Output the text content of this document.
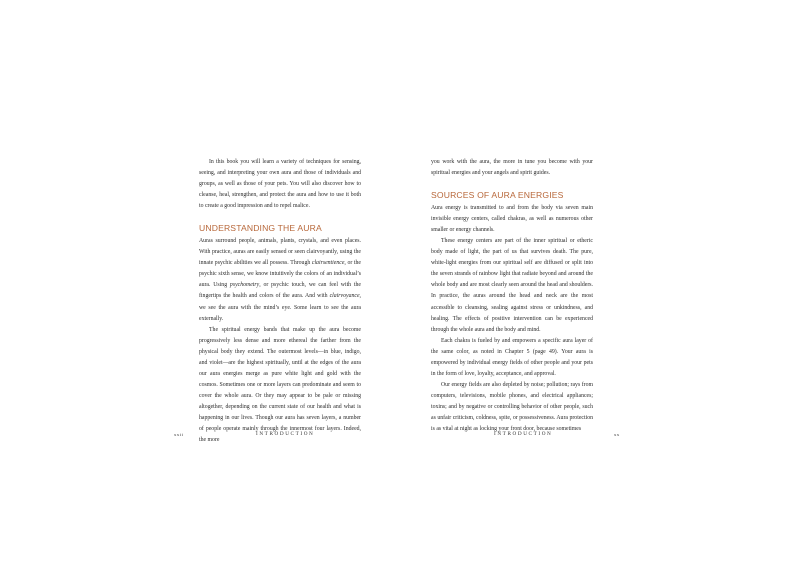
In this book you will learn a variety of techniques for sensing, seeing, and interpreting your own aura and those of individuals and groups, as well as those of your pets. You will also discover how to cleanse, heal, strengthen, and protect the aura and how to use it both to create a good impression and to repel malice.

UNDERSTANDING THE AURA

Auras surround people, animals, plants, crystals, and even places. With practice, auras are easily sensed or seen clairvoyantly, using the innate psychic abilities we all possess. Through clairsentience, or the psychic sixth sense, we know intuitively the colors of an individual’s aura. Using psychometry, or psychic touch, we can feel with the fingertips the health and colors of the aura. And with clairvoyance, we see the aura with the mind’s eye. Some learn to see the aura externally.

The spiritual energy bands that make up the aura become progressively less dense and more ethereal the farther from the physical body they extend. The outermost levels—in blue, indigo, and violet—are the highest spiritually, until at the edges of the aura our aura energies merge as pure white light and gold with the cosmos. Sometimes one or more layers can predominate and seem to cover the whole aura. Or they may appear to be pale or missing altogether, depending on the current state of our health and what is happening in our lives. Though our aura has seven layers, a number of people operate mainly through the innermost four layers. Indeed, the more

xxii	INTRODUCTION

you work with the aura, the more in tune you become with your spiritual energies and your angels and spirit guides.

SOURCES OF AURA ENERGIES

Aura energy is transmitted to and from the body via seven main invisible energy centers, called chakras, as well as numerous other smaller or energy channels.

These energy centers are part of the inner spiritual or etheric body made of light, the part of us that survives death. The pure, white-light energies from our spiritual self are diffused or split into the seven strands of rainbow light that radiate beyond and around the whole body and are most clearly seen around the head and shoulders. In practice, the auras around the head and neck are the most accessible to cleansing, sealing against stress or unkindness, and healing. The effects of positive intervention can be experienced through the whole aura and the body and mind.

Each chakra is fueled by and empowers a specific aura layer of the same color, as noted in Chapter 5 (page 49). Your aura is empowered by individual energy fields of other people and your pets in the form of love, loyalty, acceptance, and approval.

Our energy fields are also depleted by noise; pollution; rays from computers, televisions, mobile phones, and electrical appliances; toxins; and by negative or controlling behavior of other people, such as unfair criticism, coldness, spite, or possessiveness. Aura protection is as vital at night as locking your front door, because sometimes

INTRODUCTION	xx
